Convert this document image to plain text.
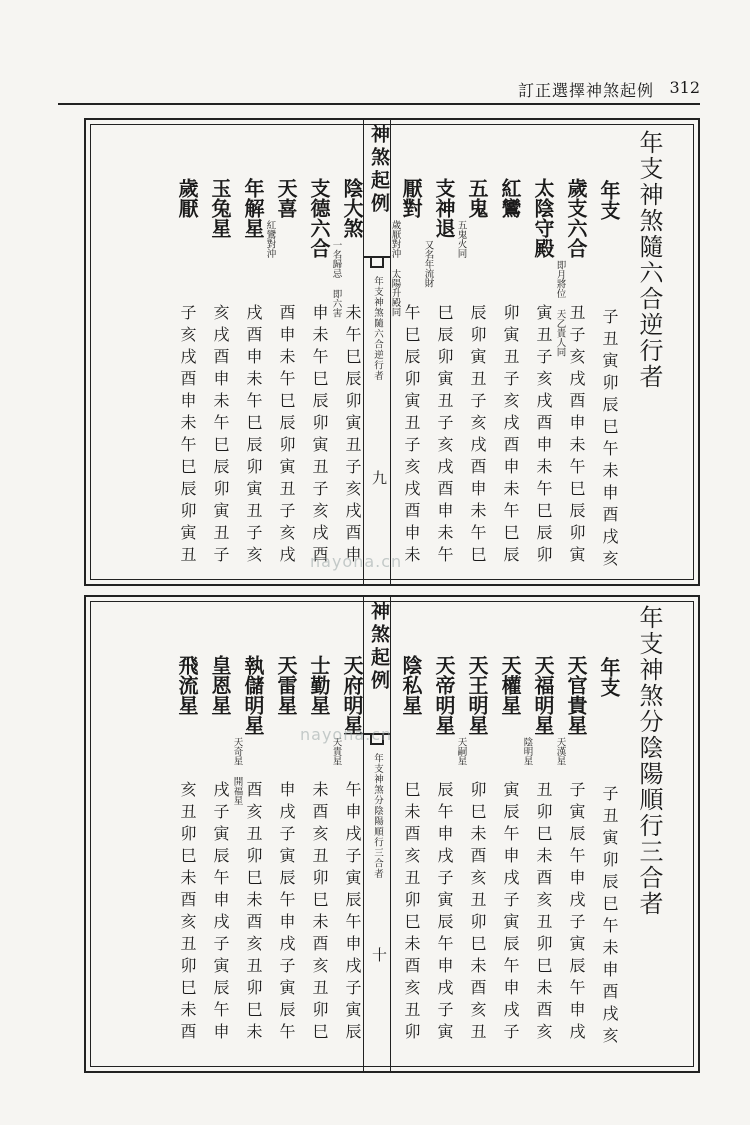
訂正選擇神煞起例 312
年支神煞隨六合逆行者
神煞起例
年支神煞隨六合逆行者
九
年支
子丑寅卯辰巳午未申酉戌亥
歲支六合
即月將位 天乙貴人同 丑子亥戌酉申未午巳辰卯寅
太陰守殿
寅丑子亥戌酉申未午巳辰卯
紅鸞
卯寅丑子亥戌酉申未午巳辰
五鬼
五鬼火同
辰卯寅丑子亥戌酉申未午巳
支神退
又名年流財
巳辰卯寅丑子亥戌酉申未午
厭對
歲厭對沖 太陽升殿同
午巳辰卯寅丑子亥戌酉申未
陰大煞
一名歸忌 即六害
未午巳辰卯寅丑子亥戌酉申
支德六合
申未午巳辰卯寅丑子亥戌酉
天喜
紅鸞對沖
酉申未午巳辰卯寅丑子亥戌
年解星
戌酉申未午巳辰卯寅丑子亥
玉兔星
亥戌酉申未午巳辰卯寅丑子
歲厭
子亥戌酉申未午巳辰卯寅丑
年支神煞分陰陽順行三合者
神煞起例
年支神煞分陰陽順行三合者
十
年支
子丑寅卯辰巳午未申酉戌亥
天官貴星
天漢星
子寅辰午申戌子寅辰午申戌
天福明星
陰明星
丑卯巳未酉亥丑卯巳未酉亥
天權星
寅辰午申戌子寅辰午申戌子
天王明星
天嗣星
卯巳未酉亥丑卯巳未酉亥丑
天帝明星
辰午申戌子寅辰午申戌子寅
陰私星
巳未酉亥丑卯巳未酉亥丑卯
天府明星
天貴星
午申戌子寅辰午申戌子寅辰
士勤星
未酉亥丑卯巳未酉亥丑卯巳
天雷星
申戌子寅辰午申戌子寅辰午
執儲明星
天奇星 開福星
酉亥丑卯巳未酉亥丑卯巳未
皇恩星
戌子寅辰午申戌子寅辰午申
飛流星
亥丑卯巳未酉亥丑卯巳未酉
nayona.cn
nayona.cn
